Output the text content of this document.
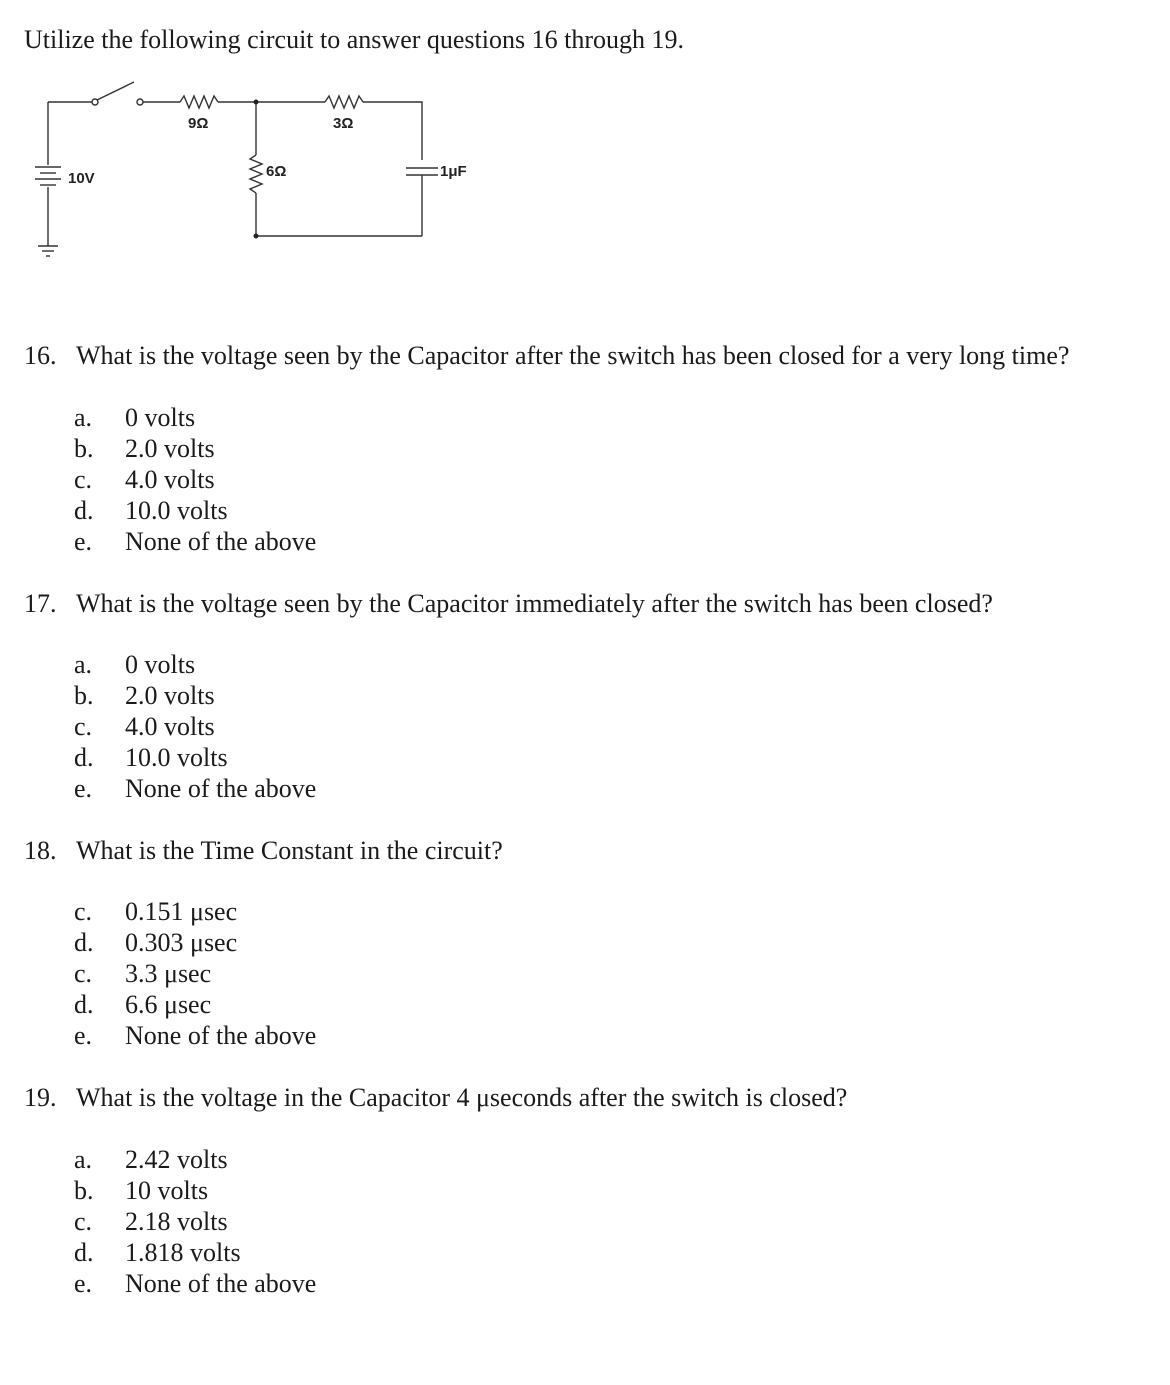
Utilize the following circuit to answer questions 16 through 19.
10V
9Ω	3Ω
6Ω	1μF
16. What is the voltage seen by the Capacitor after the switch has been closed for a very long time?
a. 0 volts
b. 2.0 volts
c. 4.0 volts
d. 10.0 volts
e. None of the above
17. What is the voltage seen by the Capacitor immediately after the switch has been closed?
a. 0 volts
b. 2.0 volts
c. 4.0 volts
d. 10.0 volts
e. None of the above
18. What is the Time Constant in the circuit?
c. 0.151 μsec
d. 0.303 μsec
c. 3.3 μsec
d. 6.6 μsec
e. None of the above
19. What is the voltage in the Capacitor 4 μseconds after the switch is closed?
a. 2.42 volts
b. 10 volts
c. 2.18 volts
d. 1.818 volts
e. None of the above
